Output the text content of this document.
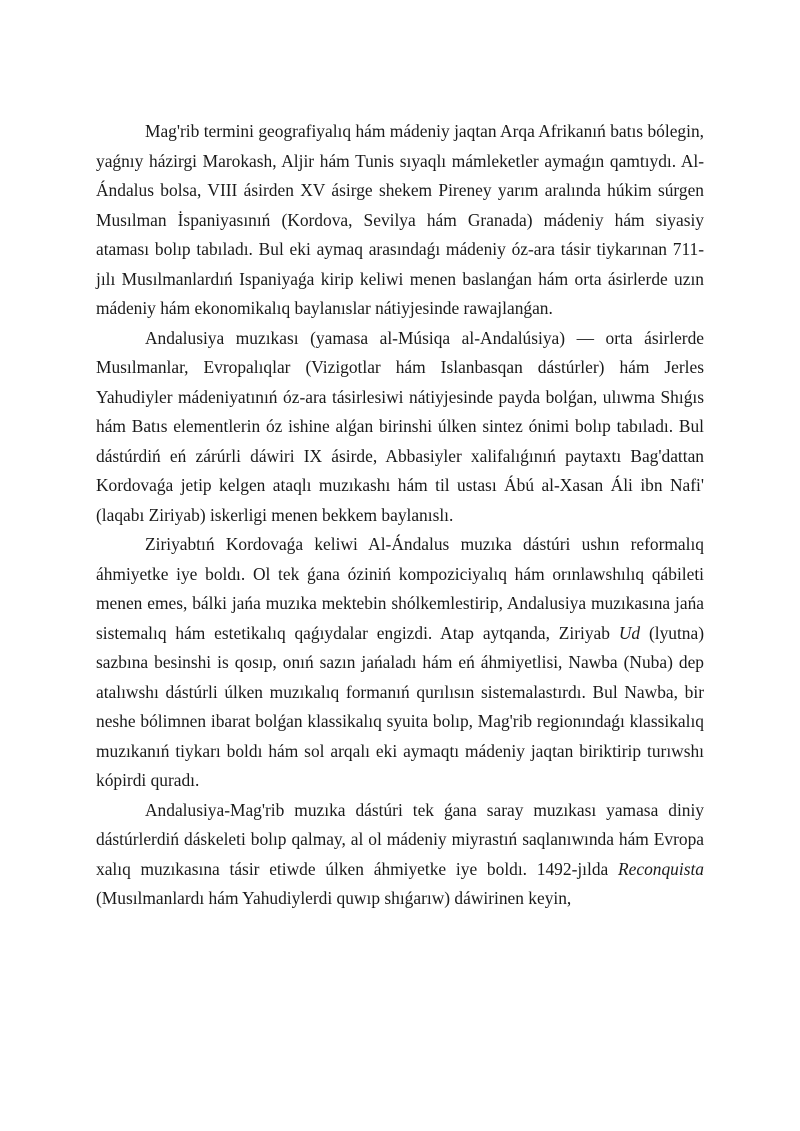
Mag'rib termini geografiyalıq hám mádeniy jaqtan Arqa Afrikanıń batıs bólegin, yaǵnıy házirgi Marokash, Aljir hám Tunis sıyaqlı mámleketler aymaǵın qamtıydı. Al-Ándalus bolsa, VIII ásirden XV ásirge shekem Pireney yarım aralında húkim súrgen Musılman İspaniyasınıń (Kordova, Sevilya hám Granada) mádeniy hám siyasiy ataması bolıp tabıladı. Bul eki aymaq arasındaǵı mádeniy óz-ara tásir tiykarınan 711-jılı Musılmanlardıń Ispaniyaǵa kirip keliwi menen baslanǵan hám orta ásirlerde uzın mádeniy hám ekonomikalıq baylanıslar nátiyjesinde rawajlanǵan.

Andalusiya muzıkası (yamasa al-Músiqa al-Andalúsiya) — orta ásirlerde Musılmanlar, Evropalıqlar (Vizigotlar hám Islanbasqan dástúrler) hám Jerles Yahudiyler mádeniyatınıń óz-ara tásirlesiwi nátiyjesinde payda bolǵan, ulıwma Shıǵıs hám Batıs elementlerin óz ishine alǵan birinshi úlken sintez ónimi bolıp tabıladı. Bul dástúrdiń eń zárúrli dáwiri IX ásirde, Abbasiyler xalifalıǵınıń paytaxtı Bag'dattan Kordovaǵa jetip kelgen ataqlı muzıkashı hám til ustası Ábú al-Xasan Áli ibn Nafi' (laqabı Ziriyab) iskerligi menen bekkem baylanıslı.

Ziriyabtıń Kordovaǵa keliwi Al-Ándalus muzıka dástúri ushın reformalıq áhmiyetke iye boldı. Ol tek ǵana óziniń kompoziciyalıq hám orınlawshılıq qábileti menen emes, bálki jańa muzıka mektebin shólkemlestirip, Andalusiya muzıkasına jańa sistemalıq hám estetikalıq qaǵıydalar engizdi. Atap aytqanda, Ziriyab Ud (lyutna) sazbına besinshi is qosıp, onıń sazın jańaladı hám eń áhmiyetlisi, Nawba (Nuba) dep atalıwshı dástúrli úlken muzıkalıq formanıń qurılısın sistemalastırdı. Bul Nawba, bir neshe bólimnen ibarat bolǵan klassikalıq syuita bolıp, Mag'rib regionındaǵı klassikalıq muzıkanıń tiykarı boldı hám sol arqalı eki aymaqtı mádeniy jaqtan biriktirip turıwshı kópirdi quradı.

Andalusiya-Mag'rib muzıka dástúri tek ǵana saray muzıkası yamasa diniy dástúrlerdiń dáskeleti bolıp qalmay, al ol mádeniy miyrastıń saqlanıwında hám Evropa xalıq muzıkasına tásir etiwde úlken áhmiyetke iye boldı. 1492-jılda Reconquista (Musılmanlardı hám Yahudiylerdi quwıp shıǵarıw) dáwirinen keyin,
